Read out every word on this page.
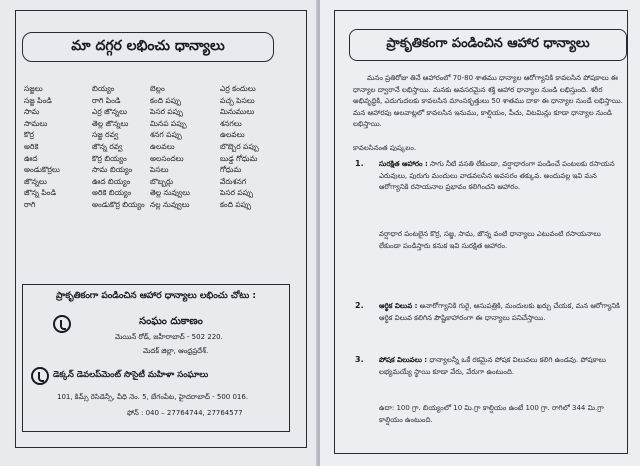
మా దగ్గర లభించు ధాన్యాలు
సజ్జలు
సజ్జ పిండి
సామ
సామలు
కొర్ర
అరికె
ఊద
అండుకొర్రలు
జొన్నలు
జొన్న పిండి
రాగి
బియ్యం
రాగి పిండి
ఎర్ర జొన్నలు
తెల్ల జొన్నలు
సజ్జ రవ్వ
జొన్న రవ్వ
కొర్ర బియ్యం
సామ బియ్యం
ఊద బియ్యం
అరికె బియ్యం
అండుకొర్ర బియ్యం
బెల్లం
కంది పప్పు
పెసర పప్పు
మినప పప్పు
శనగ పప్పు
ఉలవలు
అలసందలు
పెసలు
బొబ్బర్లు
తెల్ల నువ్వులు
నల్ల నువ్వులు
ఎర్ర కందులు
పచ్చ పెసలు
మినుములు
శనగలు
ఉలవలు
బొబ్బెర పప్పు
బుడ్డ గోధుమ
గోధుమ
వేరుశనగ
పెసర పప్పు
కంది పప్పు
ప్రాకృతికంగా పండించిన ఆహార ధాన్యాలు లభించు చోటు :
సంఘం దుకాణం
మెయిన్ రోడ్, జహీరాబాద్ - 502 220.
మెదక్ జిల్లా, ఆంధ్రప్రదేశ్.
డెక్కన్ డెవలప్‌మెంట్ సొసైటీ మహిళా సంఘాలు
101, కిమ్స్ రెసిడెన్సీ, వీధి నెం. 5, బేగంపేట, హైదరాబాద్ - 500 016.
ఫోన్ : 040 – 27764744, 27764577
ప్రాకృతికంగా పండించిన ఆహార ధాన్యాలు
మనం ప్రతిరోజు తినే ఆహారంలో 70-80 శాతము ధాన్యాల ఆరోగ్యానికి కావలసిన పోషకాలు ఈ ధాన్యాల ద్వారానే లభిస్తాయి. మనకు అవసరమైన శక్తి ఆహార ధాన్యాల నుండి లభిస్తుంది. శరీర అభివృద్ధికి, ఎదుగుదలకు కావలసిన మాంసకృత్తులు 50 శాతము దాకా ఈ ధాన్యాల నుండే లభిస్తాయి. మన ఆహారపు అలవాట్లలో కావలసిన ఇనుము, కాల్షియం, పీచు, విటమిన్లు కూడా ధాన్యాల నుండి లభిస్తాయి.
కావలసినంత పుష్కలం.
1. సురక్షిత ఆహారం : సాగు నీటి వసతి లేకుండా, వర్షాధారంగా పండించే పంటలకు రసాయన ఎరువులు, పురుగు మందులు వాడవలసిన అవసరం తక్కువ. అందువల్ల ఇవి మన ఆరోగ్యానికి రసాయనాల ప్రభావం కలిగించని ఆహారం.
వర్షాధార పంటలైన కొర్ర, సజ్జ, సామ, జొన్న వంటి ధాన్యాలు ఎటువంటి రసాయనాలు లేకుండా పండిస్తారు కనుక ఇవి సురక్షిత ఆహారం.
2. ఆర్థిక విలువ : అనారోగ్యానికి గురై, ఆసుపత్రికి, మందులకు ఖర్చు చేయక, మన ఆరోగ్యానికి ఆర్థిక విలువ కలిగిన పౌష్టికాహారంగా ఈ ధాన్యాలు పనిచేస్తాయి.
3. పోషక విలువలు : ధాన్యాలన్నీ ఒకే రకమైన పోషక విలువలు కలిగి ఉండవు. పోషకాలు లభ్యమయ్యే స్థాయి కూడా వేరు, వేరుగా ఉంటుంది.
ఉదా: 100 గ్రా. బియ్యంలో 10 మి.గ్రా కాల్షియం ఉంటే 100 గ్రా. రాగిలో 344 మి.గ్రా కాల్షియం ఉంటుంది.
